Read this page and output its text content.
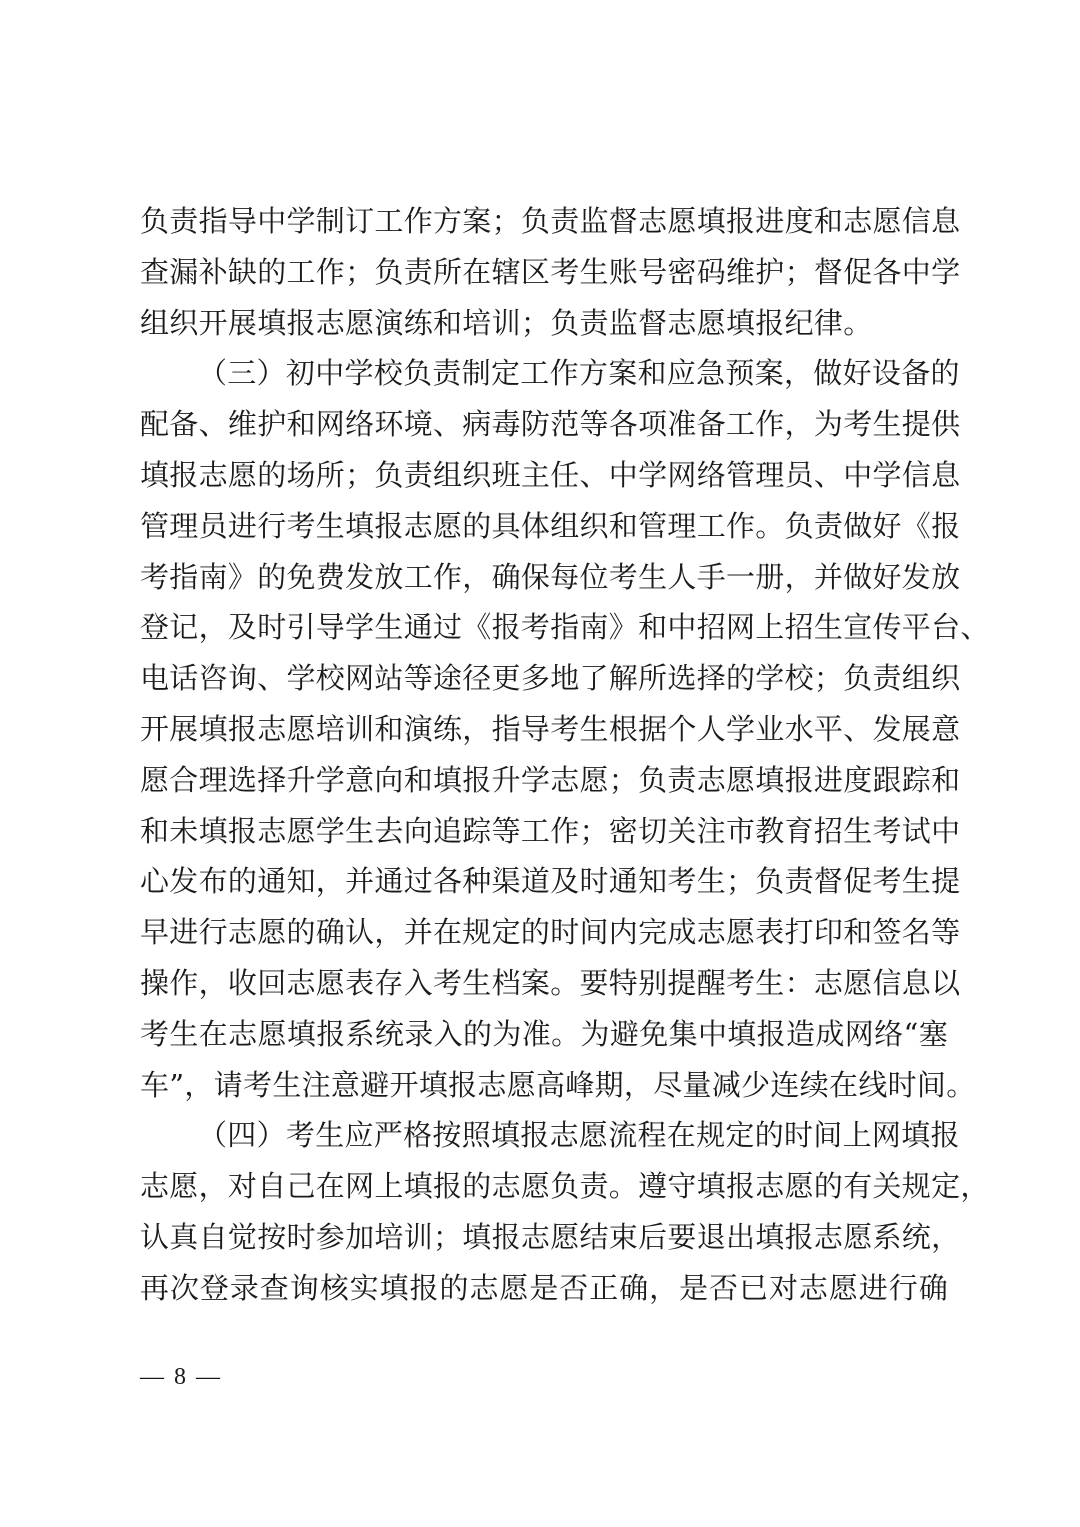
负责指导中学制订工作方案；负责监督志愿填报进度和志愿信息
查漏补缺的工作；负责所在辖区考生账号密码维护；督促各中学
组织开展填报志愿演练和培训；负责监督志愿填报纪律。
（三）初中学校负责制定工作方案和应急预案，做好设备的
配备、维护和网络环境、病毒防范等各项准备工作，为考生提供
填报志愿的场所；负责组织班主任、中学网络管理员、中学信息
管理员进行考生填报志愿的具体组织和管理工作。负责做好《报
考指南》的免费发放工作，确保每位考生人手一册，并做好发放
登记，及时引导学生通过《报考指南》和中招网上招生宣传平台、
电话咨询、学校网站等途径更多地了解所选择的学校；负责组织
开展填报志愿培训和演练，指导考生根据个人学业水平、发展意
愿合理选择升学意向和填报升学志愿；负责志愿填报进度跟踪和
和未填报志愿学生去向追踪等工作；密切关注市教育招生考试中
心发布的通知，并通过各种渠道及时通知考生；负责督促考生提
早进行志愿的确认，并在规定的时间内完成志愿表打印和签名等
操作，收回志愿表存入考生档案。要特别提醒考生：志愿信息以
考生在志愿填报系统录入的为准。为避免集中填报造成网络“塞
车”，请考生注意避开填报志愿高峰期，尽量减少连续在线时间。
（四）考生应严格按照填报志愿流程在规定的时间上网填报
志愿，对自己在网上填报的志愿负责。遵守填报志愿的有关规定，
认真自觉按时参加培训；填报志愿结束后要退出填报志愿系统，
再次登录查询核实填报的志愿是否正确，是否已对志愿进行确
— 8 —
